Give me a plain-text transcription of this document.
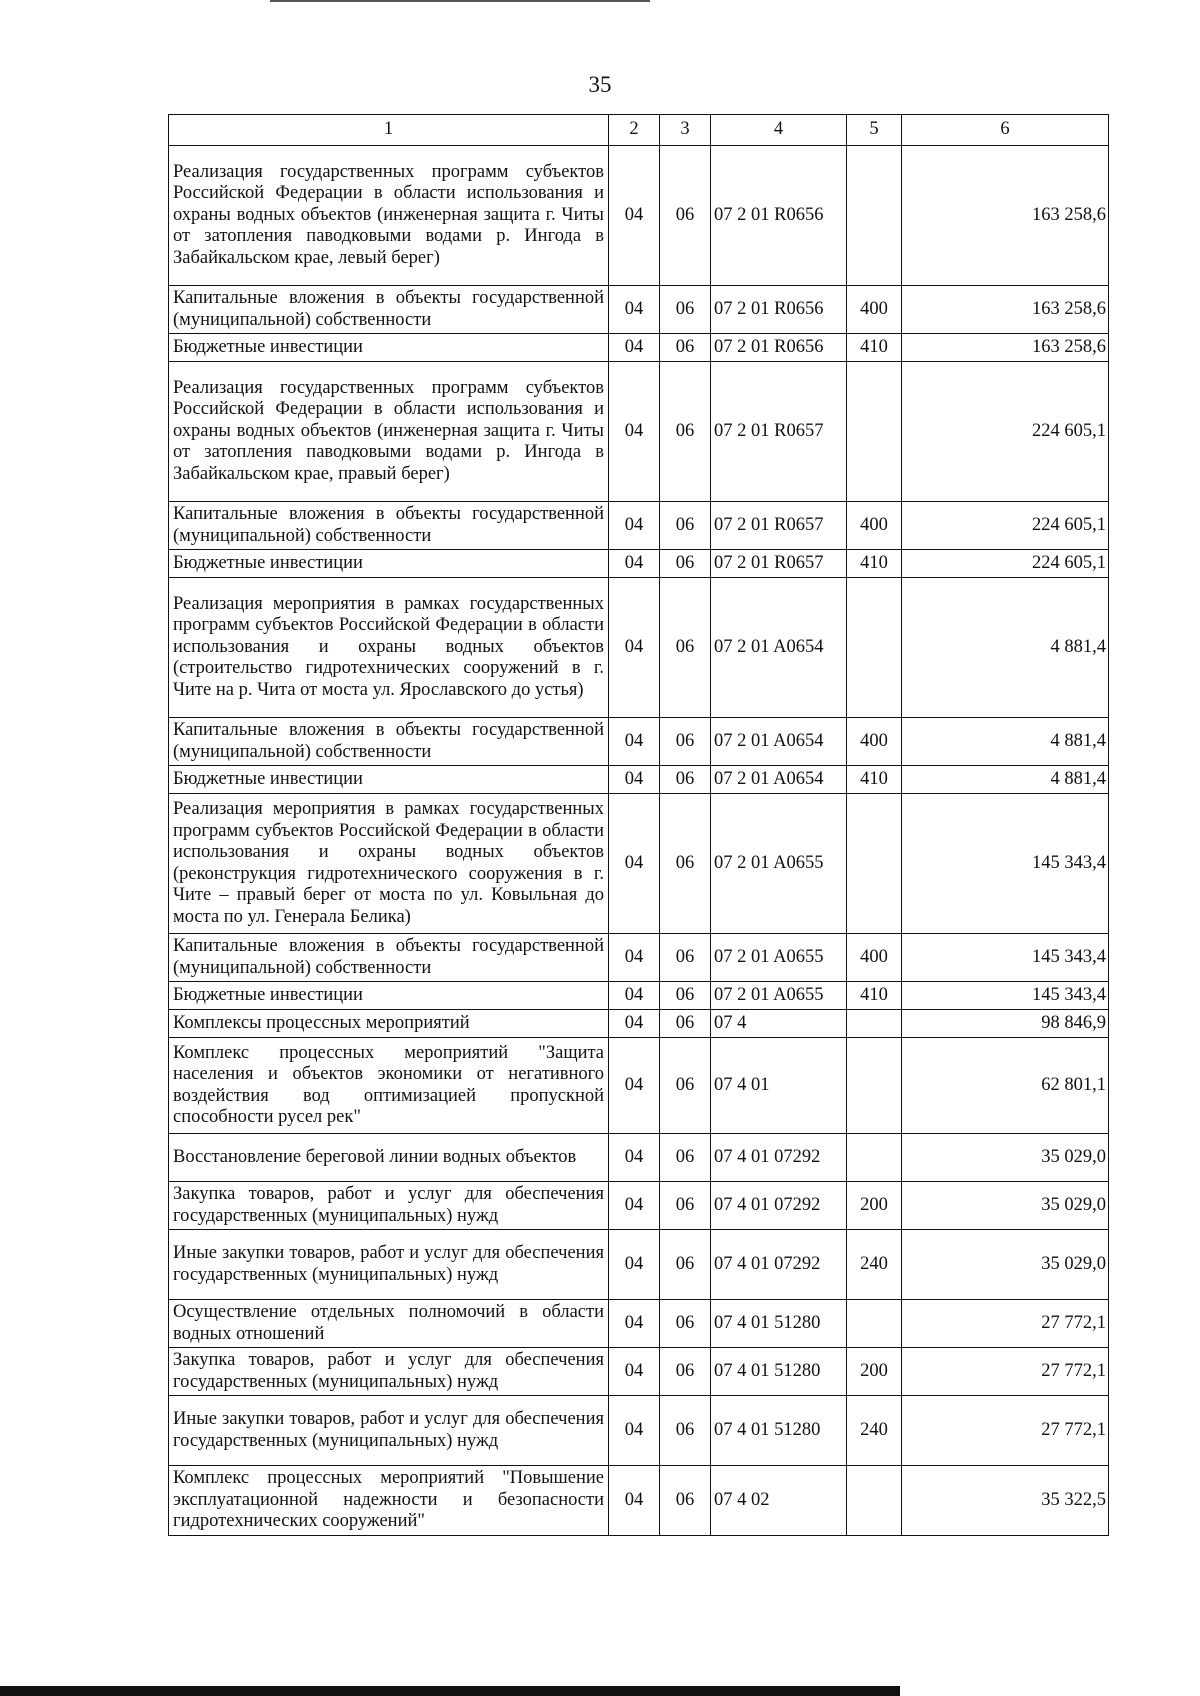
35
1	2	3	4	5	6
Реализация государственных программ субъектов Российской Федерации в области использования и охраны водных объектов (инженерная защита г. Читы от затопления паводковыми водами р. Ингода в Забайкальском крае, левый берег)	04	06	07 2 01 R0656		163 258,6
Капитальные вложения в объекты государственной (муниципальной) собственности	04	06	07 2 01 R0656	400	163 258,6
Бюджетные инвестиции	04	06	07 2 01 R0656	410	163 258,6
Реализация государственных программ субъектов Российской Федерации в области использования и охраны водных объектов (инженерная защита г. Читы от затопления паводковыми водами р. Ингода в Забайкальском крае, правый берег)	04	06	07 2 01 R0657		224 605,1
Капитальные вложения в объекты государственной (муниципальной) собственности	04	06	07 2 01 R0657	400	224 605,1
Бюджетные инвестиции	04	06	07 2 01 R0657	410	224 605,1
Реализация мероприятия в рамках государственных программ субъектов Российской Федерации в области использования и охраны водных объектов (строительство гидротехнических сооружений в г. Чите на р. Чита от моста ул. Ярославского до устья)	04	06	07 2 01 A0654		4 881,4
Капитальные вложения в объекты государственной (муниципальной) собственности	04	06	07 2 01 A0654	400	4 881,4
Бюджетные инвестиции	04	06	07 2 01 A0654	410	4 881,4
Реализация мероприятия в рамках государственных программ субъектов Российской Федерации в области использования и охраны водных объектов (реконструкция гидротехнического сооружения в г. Чите – правый берег от моста по ул. Ковыльная до моста по ул. Генерала Белика)	04	06	07 2 01 A0655		145 343,4
Капитальные вложения в объекты государственной (муниципальной) собственности	04	06	07 2 01 A0655	400	145 343,4
Бюджетные инвестиции	04	06	07 2 01 A0655	410	145 343,4
Комплексы процессных мероприятий	04	06	07 4		98 846,9
Комплекс процессных мероприятий "Защита населения и объектов экономики от негативного воздействия вод оптимизацией пропускной способности русел рек"	04	06	07 4 01		62 801,1
Восстановление береговой линии водных объектов	04	06	07 4 01 07292		35 029,0
Закупка товаров, работ и услуг для обеспечения государственных (муниципальных) нужд	04	06	07 4 01 07292	200	35 029,0
Иные закупки товаров, работ и услуг для обеспечения государственных (муниципальных) нужд	04	06	07 4 01 07292	240	35 029,0
Осуществление отдельных полномочий в области водных отношений	04	06	07 4 01 51280		27 772,1
Закупка товаров, работ и услуг для обеспечения государственных (муниципальных) нужд	04	06	07 4 01 51280	200	27 772,1
Иные закупки товаров, работ и услуг для обеспечения государственных (муниципальных) нужд	04	06	07 4 01 51280	240	27 772,1
Комплекс процессных мероприятий "Повышение эксплуатационной надежности и безопасности гидротехнических сооружений"	04	06	07 4 02		35 322,5
